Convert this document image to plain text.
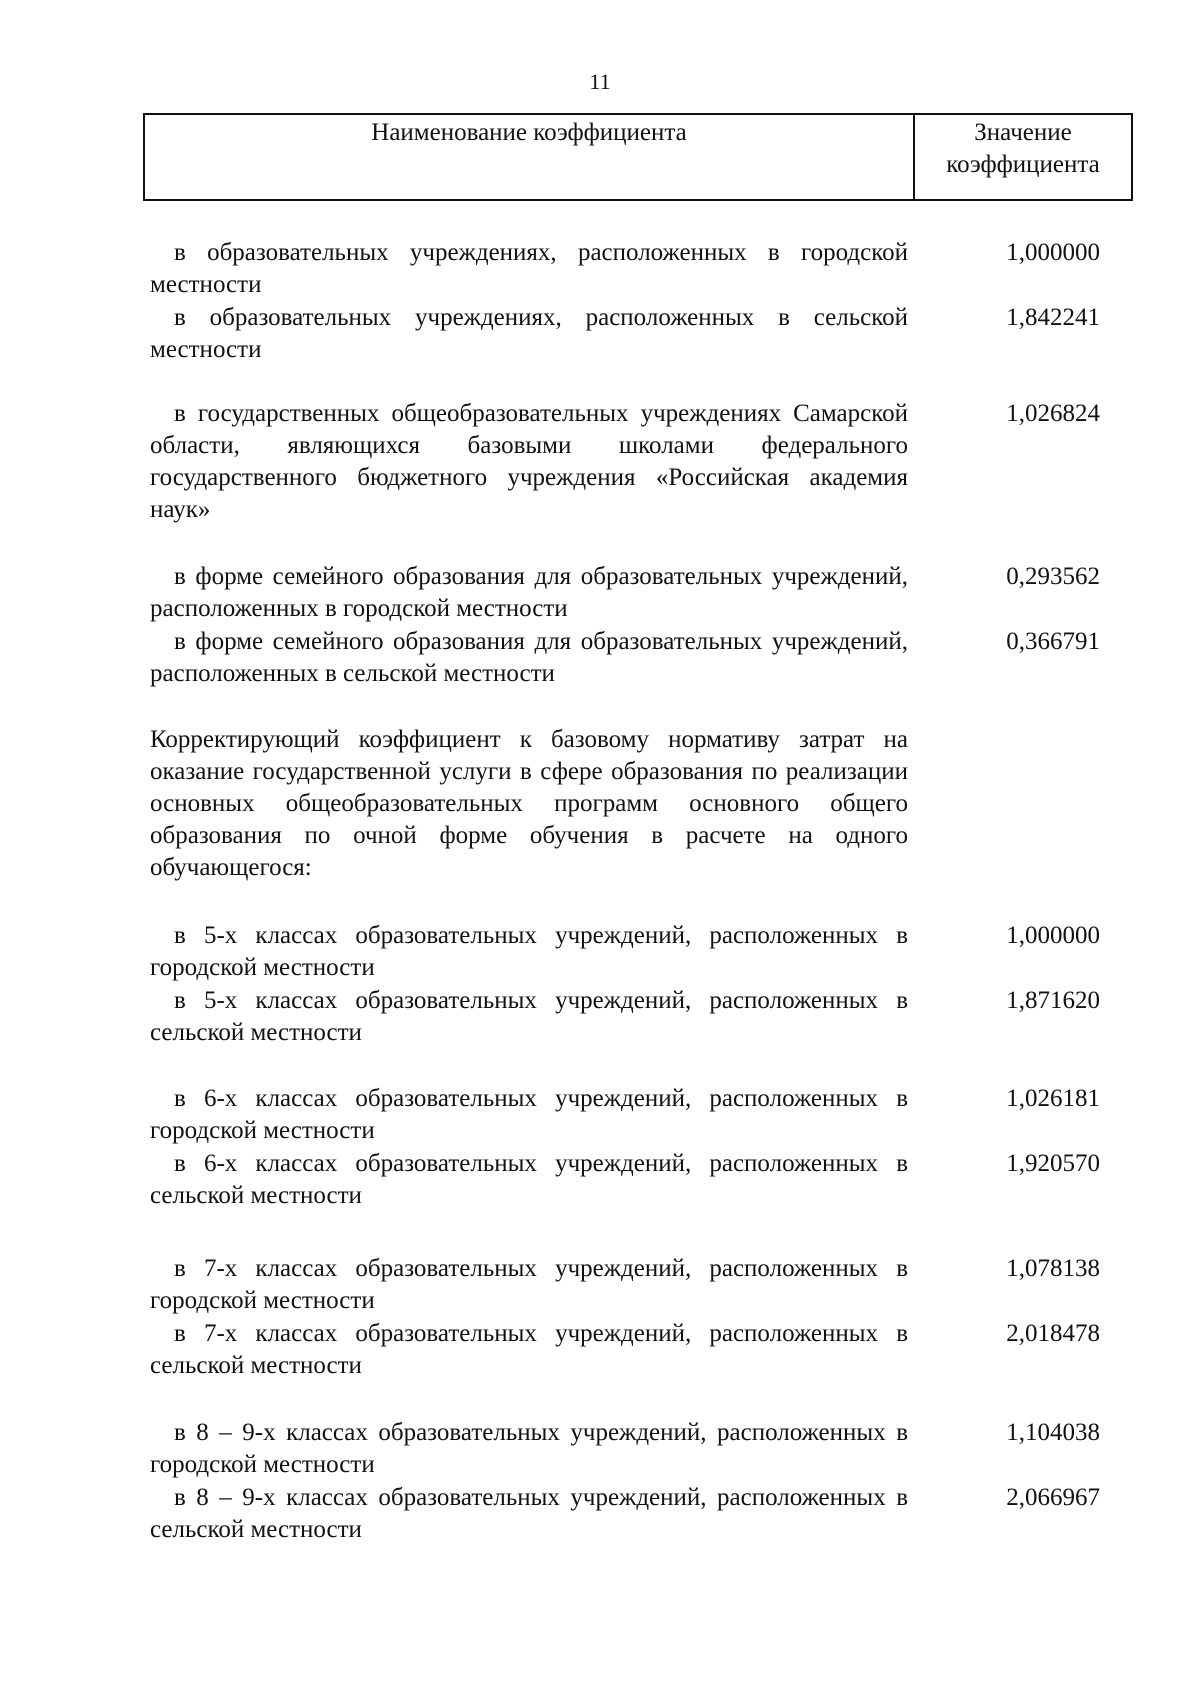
11
Наименование коэффициента	Значение
коэффициента

в образовательных учреждениях, расположенных в городской местности

1,000000

в образовательных учреждениях, расположенных в сельской местности

1,842241

в государственных общеобразовательных учреждениях Самарской области, являющихся базовыми школами федерального государственного бюджетного учреждения «Российская академия наук»

1,026824

в форме семейного образования для образовательных учреждений, расположенных в городской местности

0,293562

в форме семейного образования для образовательных учреждений, расположенных в сельской местности

0,366791

Корректирующий коэффициент к базовому нормативу затрат на оказание государственной услуги в сфере образования по реализации основных общеобразовательных программ основного общего образования по очной форме обучения в расчете на одного обучающегося:

в 5-х классах образовательных учреждений, расположенных в городской местности

1,000000

в 5-х классах образовательных учреждений, расположенных в сельской местности

1,871620

в 6-х классах образовательных учреждений, расположенных в городской местности

1,026181

в 6-х классах образовательных учреждений, расположенных в сельской местности

1,920570

в 7-х классах образовательных учреждений, расположенных в городской местности

1,078138

в 7-х классах образовательных учреждений, расположенных в сельской местности

2,018478

в 8 – 9-х классах образовательных учреждений, расположенных в городской местности

1,104038

в 8 – 9-х классах образовательных учреждений, расположенных в сельской местности

2,066967
